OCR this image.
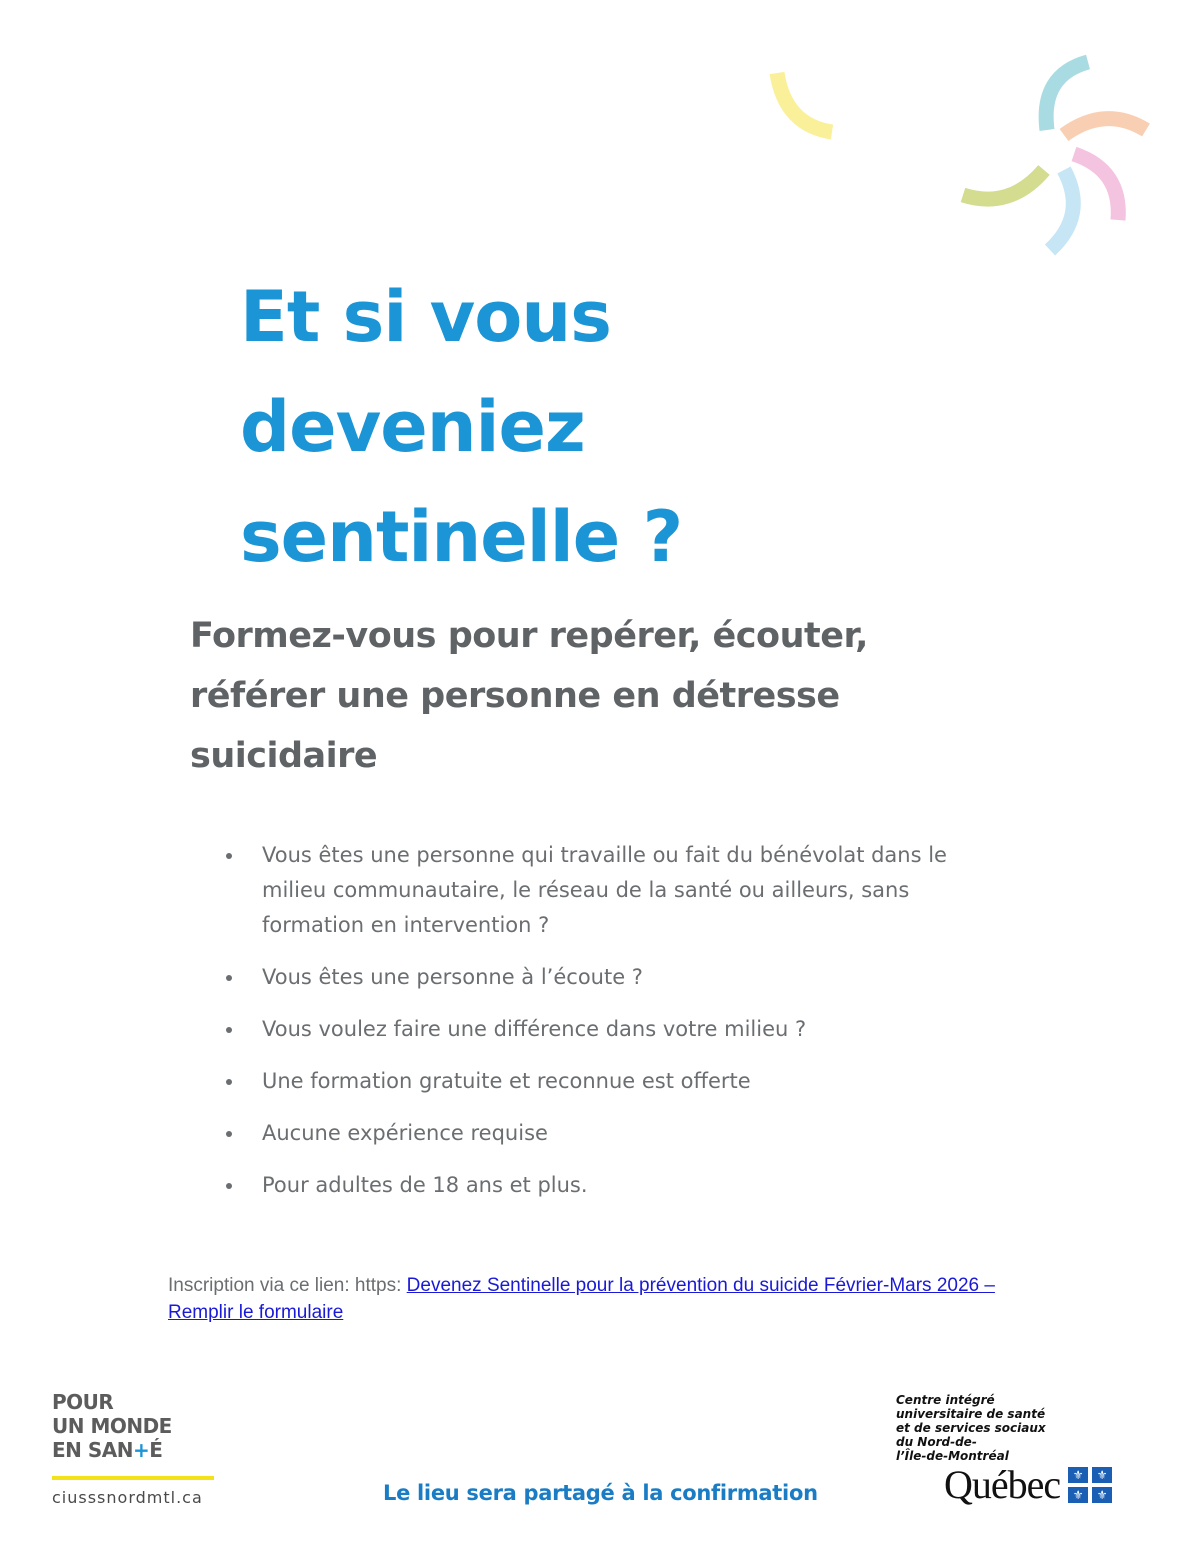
Et si vous
deveniez
sentinelle ?
Formez-vous pour repérer, écouter,
référer une personne en détresse
suicidaire
Vous êtes une personne qui travaille ou fait du bénévolat dans le milieu communautaire, le réseau de la santé ou ailleurs, sans formation en intervention ?
Vous êtes une personne à l’écoute ?
Vous voulez faire une différence dans votre milieu ?
Une formation gratuite et reconnue est offerte
Aucune expérience requise
Pour adultes de 18 ans et plus.
Inscription via ce lien: https: Devenez Sentinelle pour la prévention du suicide Février-Mars 2026 – Remplir le formulaire
POUR
UN MONDE
EN SAN+É
ciusssnordmtl.ca	Le lieu sera partagé à la confirmation
Centre intégré
universitaire de santé
et de services sociaux
du Nord-de-
l’Île-de-Montréal
Québec	⚜	⚜
⚜	⚜
